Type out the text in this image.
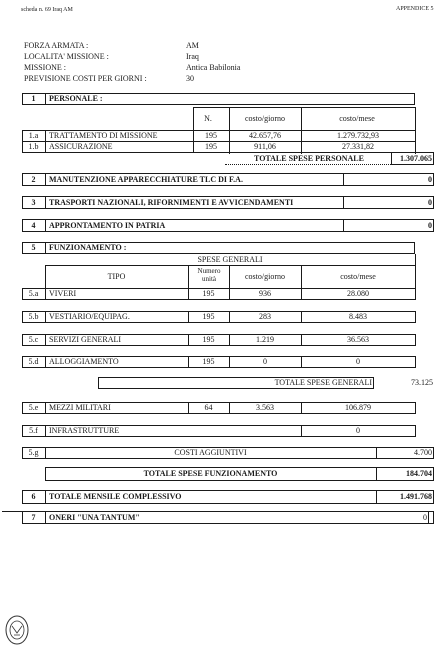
scheda n. 69 Iraq AM	APPENDICE 5
FORZA ARMATA :	AM
LOCALITA' MISSIONE :	Iraq
MISSIONE :	Antica Babilonia
PREVISIONE COSTI PER GIORNI :	30
1	PERSONALE :
N.	costo/giorno	costo/mese
1.a	TRATTAMENTO DI MISSIONE	195	42.657,76	1.279.732,93
1.b	ASSICURAZIONE	195	911,06	27.331,82
TOTALE SPESE PERSONALE	1.307.065
2	MANUTENZIONE APPARECCHIATURE TLC DI F.A.	0
3	TRASPORTI NAZIONALI, RIFORNIMENTI E AVVICENDAMENTI	0
4	APPRONTAMENTO IN PATRIA	0
5	FUNZIONAMENTO :
SPESE GENERALI
TIPO
Numero unità	costo/giorno	costo/mese
5.a	VIVERI	195	936	28.080
5.b	VESTIARIO/EQUIPAG.	195	283	8.483
5.c	SERVIZI GENERALI	195	1.219	36.563
5.d	ALLOGGIAMENTO	195	0	0
TOTALE SPESE GENERALI	73.125
5.e	MEZZI MILITARI	64	3.563	106.879
5.f	INFRASTRUTTURE	0
5.g	COSTI AGGIUNTIVI	4.700
TOTALE SPESE FUNZIONAMENTO	184.704
6	TOTALE MENSILE COMPLESSIVO	1.491.768
7	ONERI "UNA TANTUM"	0
